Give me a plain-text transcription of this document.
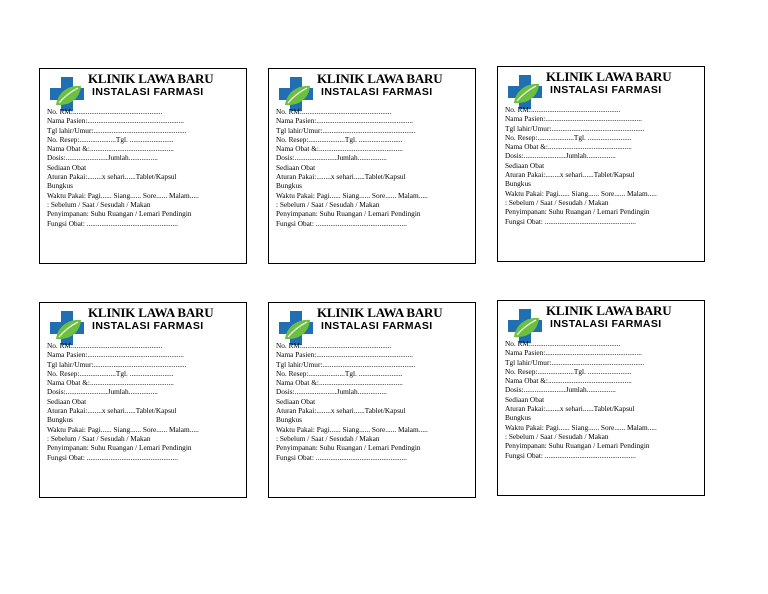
KLINIK LAWA BARU
INSTALASI FARMASI
No. RM:.................................................
Nama Pasien:.....................................................
Tgl lahir/Umur:...................................................
No. Resep:....................Tgl. ........................
Nama Obat &:..............................................
Dosis:.......................Jumlah................
Sediaan Obat
Aturan Pakai:........x sehari......Tablet/Kapsul
Bungkus
Waktu Pakai: Pagi...... Siang...... Sore...... Malam.....
: Sebelum / Saat / Sesudah / Makan
Penyimpanan: Suhu Ruangan / Lemari Pendingin
Fungsi Obat: ..................................................
KLINIK LAWA BARU
INSTALASI FARMASI
No. RM:.................................................
Nama Pasien:.....................................................
Tgl lahir/Umur:...................................................
No. Resep:....................Tgl. ........................
Nama Obat &:..............................................
Dosis:.......................Jumlah................
Sediaan Obat
Aturan Pakai:........x sehari......Tablet/Kapsul
Bungkus
Waktu Pakai: Pagi...... Siang...... Sore...... Malam.....
: Sebelum / Saat / Sesudah / Makan
Penyimpanan: Suhu Ruangan / Lemari Pendingin
Fungsi Obat: ..................................................
KLINIK LAWA BARU
INSTALASI FARMASI
No. RM:.................................................
Nama Pasien:.....................................................
Tgl lahir/Umur:...................................................
No. Resep:....................Tgl. ........................
Nama Obat &:..............................................
Dosis:.......................Jumlah................
Sediaan Obat
Aturan Pakai:........x sehari......Tablet/Kapsul
Bungkus
Waktu Pakai: Pagi...... Siang...... Sore...... Malam.....
: Sebelum / Saat / Sesudah / Makan
Penyimpanan: Suhu Ruangan / Lemari Pendingin
Fungsi Obat: ..................................................
KLINIK LAWA BARU
INSTALASI FARMASI
No. RM:.................................................
Nama Pasien:.....................................................
Tgl lahir/Umur:...................................................
No. Resep:....................Tgl. ........................
Nama Obat &:..............................................
Dosis:.......................Jumlah................
Sediaan Obat
Aturan Pakai:........x sehari......Tablet/Kapsul
Bungkus
Waktu Pakai: Pagi...... Siang...... Sore...... Malam.....
: Sebelum / Saat / Sesudah / Makan
Penyimpanan: Suhu Ruangan / Lemari Pendingin
Fungsi Obat: ..................................................
KLINIK LAWA BARU
INSTALASI FARMASI
No. RM:.................................................
Nama Pasien:.....................................................
Tgl lahir/Umur:...................................................
No. Resep:....................Tgl. ........................
Nama Obat &:..............................................
Dosis:.......................Jumlah................
Sediaan Obat
Aturan Pakai:........x sehari......Tablet/Kapsul
Bungkus
Waktu Pakai: Pagi...... Siang...... Sore...... Malam.....
: Sebelum / Saat / Sesudah / Makan
Penyimpanan: Suhu Ruangan / Lemari Pendingin
Fungsi Obat: ..................................................
KLINIK LAWA BARU
INSTALASI FARMASI
No. RM:.................................................
Nama Pasien:.....................................................
Tgl lahir/Umur:...................................................
No. Resep:....................Tgl. ........................
Nama Obat &:..............................................
Dosis:.......................Jumlah................
Sediaan Obat
Aturan Pakai:........x sehari......Tablet/Kapsul
Bungkus
Waktu Pakai: Pagi...... Siang...... Sore...... Malam.....
: Sebelum / Saat / Sesudah / Makan
Penyimpanan: Suhu Ruangan / Lemari Pendingin
Fungsi Obat: ..................................................
